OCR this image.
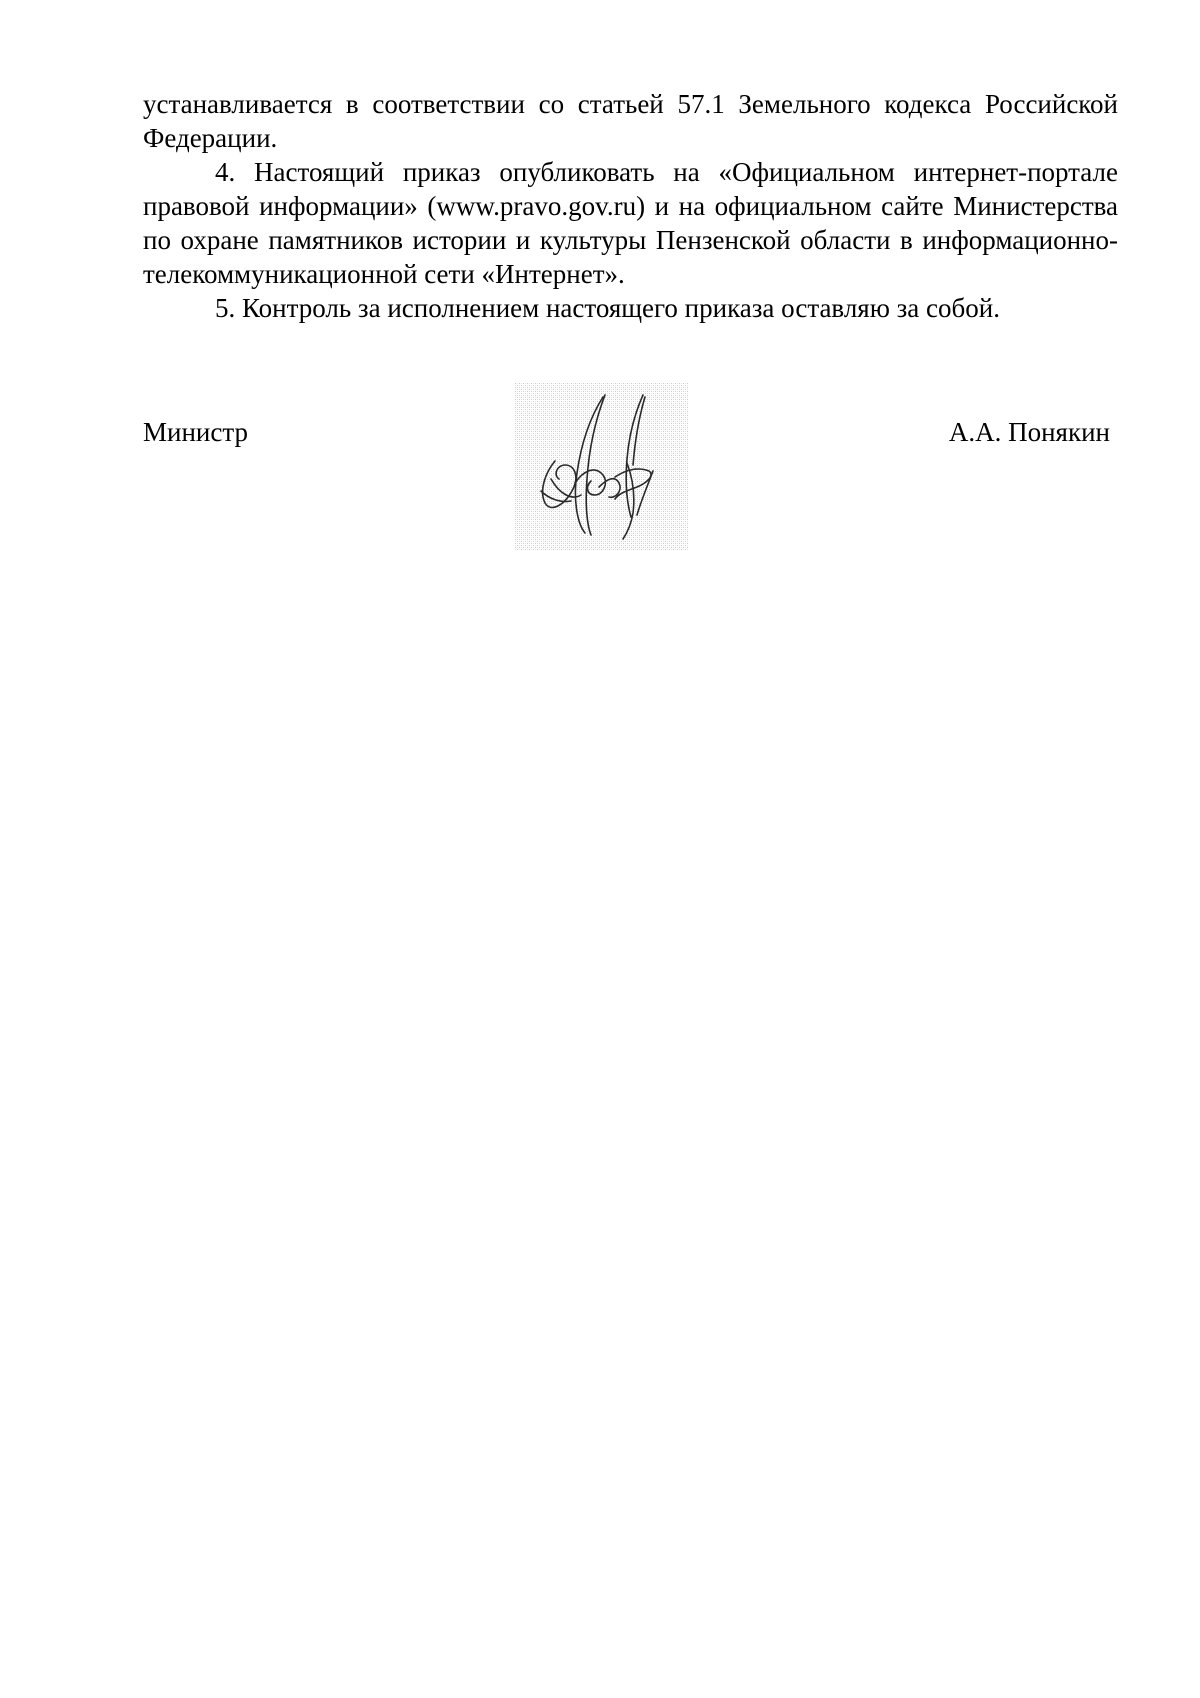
устанавливается в соответствии со статьей 57.1 Земельного кодекса Российской Федерации.

4. Настоящий приказ опубликовать на «Официальном интернет-портале правовой информации» (www.pravo.gov.ru) и на официальном сайте Министерства по охране памятников истории и культуры Пензенской области в информационно-телекоммуникационной сети «Интернет».

5. Контроль за исполнением настоящего приказа оставляю за собой.

Министр	А.А. Понякин
